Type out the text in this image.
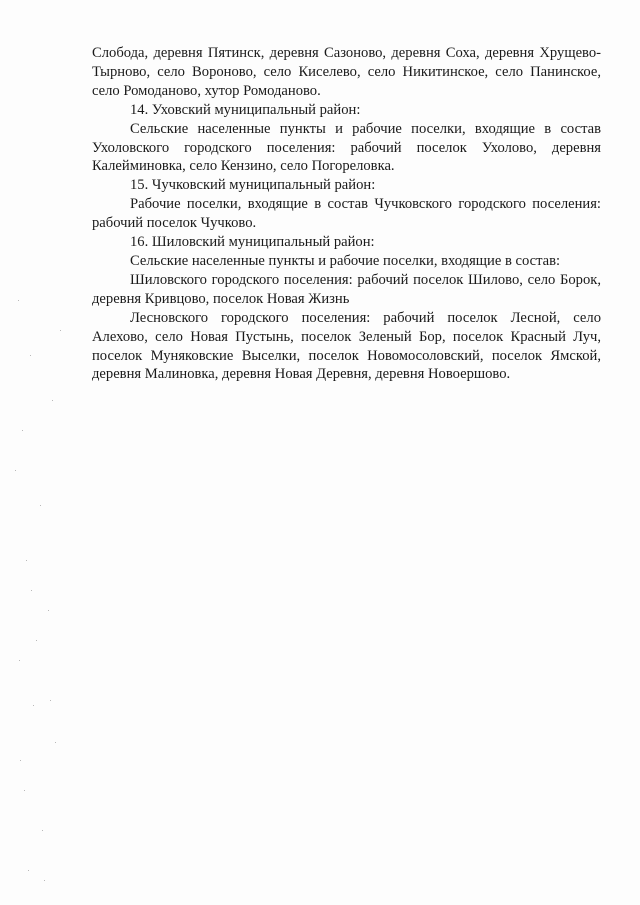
Слобода, деревня Пятинск, деревня Сазоново, деревня Соха, деревня Хрущево-Тырново, село Вороново, село Киселево, село Никитинское, село Панинское, село Ромоданово, хутор Ромоданово.

14. Уховский муниципальный район:

Сельские населенные пункты и рабочие поселки, входящие в состав Ухоловского городского поселения: рабочий поселок Ухолово, деревня Калейминовка, село Кензино, село Погореловка.

15. Чучковский муниципальный район:

Рабочие поселки, входящие в состав Чучковского городского поселения: рабочий поселок Чучково.

16. Шиловский муниципальный район:

Сельские населенные пункты и рабочие поселки, входящие в состав:

Шиловского городского поселения: рабочий поселок Шилово, село Борок, деревня Кривцово, поселок Новая Жизнь

Лесновского городского поселения: рабочий поселок Лесной, село Алехово, село Новая Пустынь, поселок Зеленый Бор, поселок Красный Луч, поселок Муняковские Выселки, поселок Новомосоловский, поселок Ямской, деревня Малиновка, деревня Новая Деревня, деревня Новоершово.
